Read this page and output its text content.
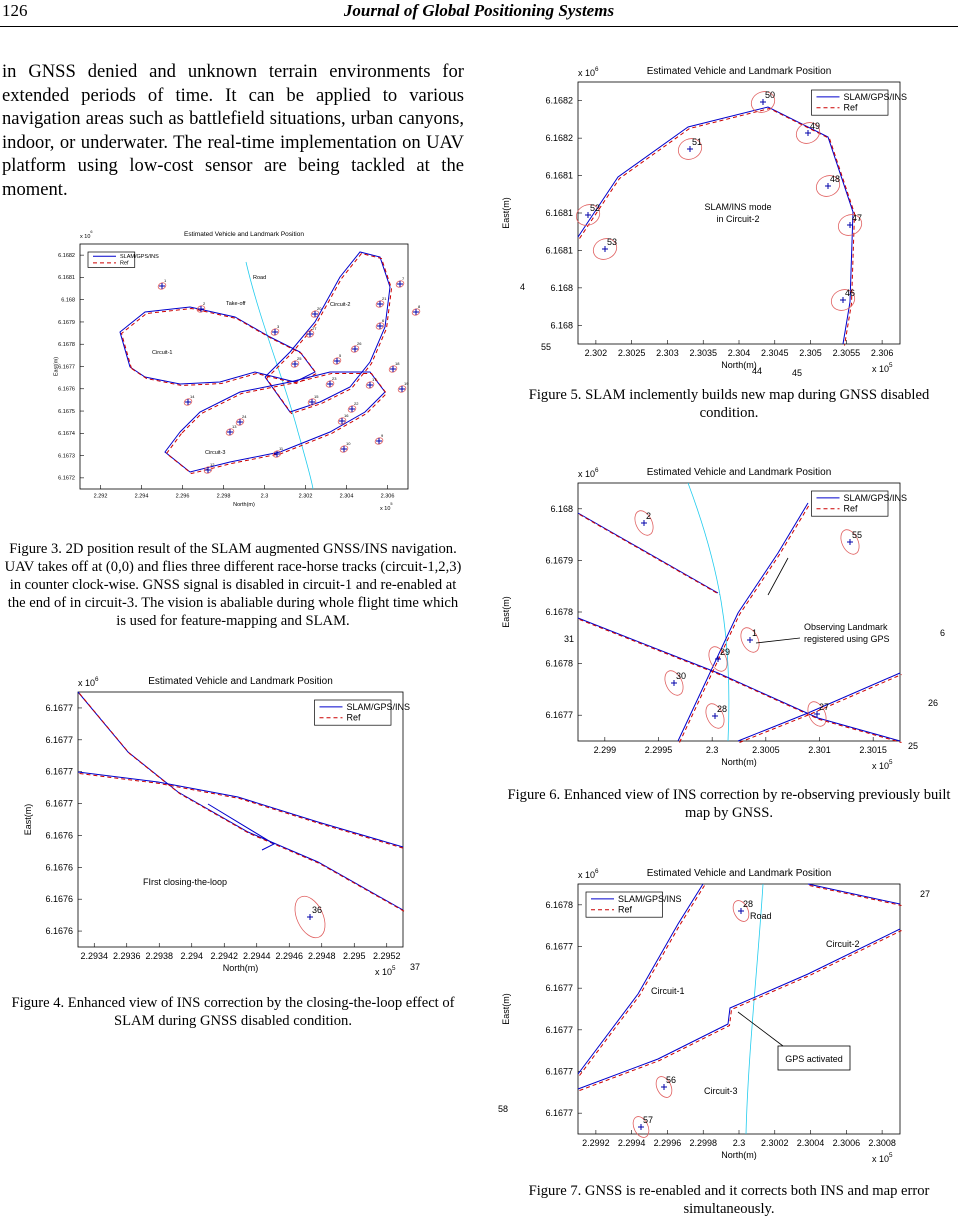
126	Journal of Global Positioning Systems

in GNSS denied and unknown terrain environments for extended periods of time. It can be applied to various navigation areas such as battlefield situations, urban canyons, indoor, or underwater. The real-time implementation on UAV platform using low-cost sensor are being tackled at the moment.

Estimated Vehicle and Landmark Position
2.292	2.294	2.296	2.298	2.3	2.302	2.304	2.306
6.1682
6.1681
6.168
6.1679
6.1678
6.1677
6.1676
6.1675
6.1674
6.1673
6.1672
North(m)
East(m)
x $10^6$
x $10^5$
SLAM/GPS/INS
Ref
1
2
3
5
6
7
8
9
10
11
12
13
14	15
16
17
18
19
20
21
22
23
24
25
26
27
Road
Take-off
Circuit-1
Circuit-2
Circuit-3

Figure 3. 2D position result of the SLAM augmented GNSS/INS navigation. UAV takes off at (0,0) and flies three different race-horse tracks (circuit-1,2,3) in counter clock-wise. GNSS signal is disabled in circuit-1 and re-enabled at the end of in circuit-3. The vision is abaliable during whole flight time which is used for feature-mapping and SLAM.

Estimated Vehicle and Landmark Position
2.2934 2.2936 2.2938 2.294 2.2942 2.2944 2.2946 2.2948 2.295 2.2952
6.1677
6.1677
6.1677
6.1677
6.1676
6.1676
6.1676
6.1676
North(m)
East(m)
x $10^6$
x $10^5$
SLAM/GPS/INS
Ref
36
FIrst closing-the-loop
37

Figure 4. Enhanced view of INS correction by the closing-the-loop effect of SLAM during GNSS disabled condition.

Estimated Vehicle and Landmark Position
2.302 2.3025 2.303 2.3035 2.304 2.3045 2.305 2.3055 2.306
6.1682
6.1682
6.1681
6.1681
6.1681
6.168
6.168
North(m)
East(m)
x $10^6$
x $10^5$
SLAM/GPS/INS
Ref
46
47
48
49
50
51
52
53
SLAM/INS mode
in Circuit-2
44	45
55
4

Figure 5. SLAM inclemently builds new map during GNSS disabled condition.

Estimated Vehicle and Landmark Position
2.299	2.2995	2.3	2.3005	2.301	2.3015
6.168
6.1679
6.1678
6.1678
6.1677
North(m)
East(m)
x $10^6$
x $10^5$
SLAM/GPS/INS
Ref
1
2
27
28
29
30
55
Observing Landmark
registered using GPS
31
26
25
6

Figure 6. Enhanced view of INS correction by re-observing previously built map by GNSS.

Estimated Vehicle and Landmark Position
2.2992 2.2994 2.2996 2.2998 2.3 2.3002 2.3004 2.3006 2.3008
6.1678
6.1677
6.1677
6.1677
6.1677
6.1677
North(m)
East(m)
x $10^6$
x $10^5$
SLAM/GPS/INS
Ref
28
56
57
Road
Circuit-1
Circuit-2
Circuit-3
GPS activated
27
58

Figure 7. GNSS is re-enabled and it corrects both INS and map error simultaneously.
